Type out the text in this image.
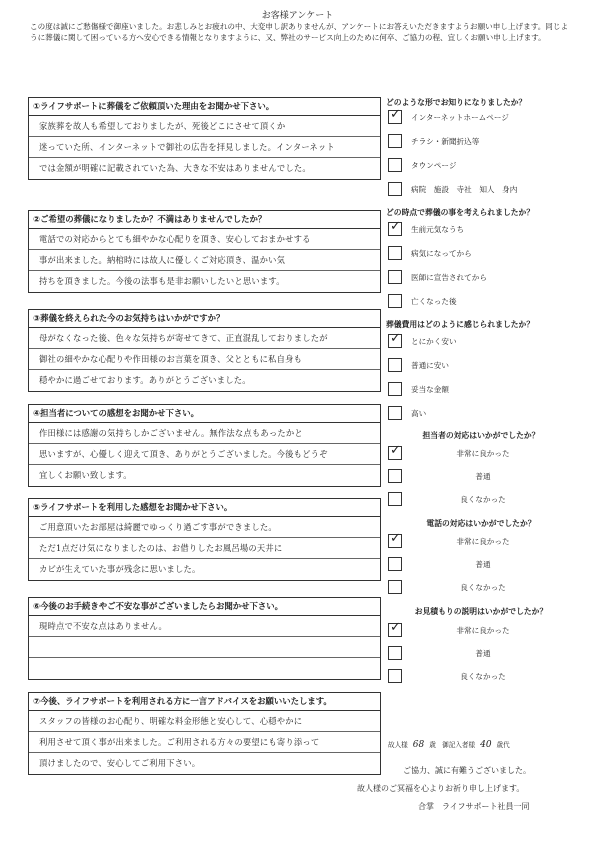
お客様アンケート
この度は誠にご愁傷様で御座いました。お悲しみとお疲れの中、大変申し訳ありませんが、アンケートにお答えいただきますようお願い申し上げます。同じように葬儀に関して困っている方へ安心できる情報となりますように、又、弊社のサービス向上のために何卒、ご協力の程、宜しくお願い申し上げます。
①ライフサポートに葬儀をご依頼頂いた理由をお聞かせ下さい。
家族葬を故人も希望しておりましたが、死後どこにさせて頂くか
迷っていた所、インターネットで御社の広告を拝見しました。インターネット
では金額が明確に記載されていた為、大きな不安はありませんでした。
②ご希望の葬儀になりましたか？不満はありませんでしたか？
電話での対応からとても細やかな心配りを頂き、安心しておまかせする
事が出来ました。納棺時には故人に優しくご対応頂き、温かい気
持ちを頂きました。今後の法事も是非お願いしたいと思います。
③葬儀を終えられた今のお気持ちはいかがですか？
母がなくなった後、色々な気持ちが寄せてきて、正直混乱しておりましたが
御社の細やかな心配りや作田様のお言葉を頂き、父とともに私自身も
穏やかに過ごせております。ありがとうございました。
④担当者についての感想をお聞かせ下さい。
作田様には感謝の気持ちしかございません。無作法な点もあったかと
思いますが、心優しく迎えて頂き、ありがとうございました。今後もどうぞ
宜しくお願い致します。
⑤ライフサポートを利用した感想をお聞かせ下さい。
ご用意頂いたお部屋は綺麗でゆっくり過ごす事ができました。
ただ1点だけ気になりましたのは、お借りしたお風呂場の天井に
カビが生えていた事が残念に思いました。
⑥今後のお手続きやご不安な事がございましたらお聞かせ下さい。
現時点で不安な点はありません。
⑦今後、ライフサポートを利用される方に一言アドバイスをお願いいたします。
スタッフの皆様のお心配り、明確な料金形態と安心して、心穏やかに
利用させて頂く事が出来ました。ご利用される方々の要望にも寄り添って
頂けましたので、安心してご利用下さい。
どのような形でお知りになりましたか？
✓ インターネットホームページ
チラシ・新聞折込等
タウンページ
病院　施設　寺社　知人　身内
どの時点で葬儀の事を考えられましたか？
✓ 生前元気なうち
病気になってから
医師に宣告されてから
亡くなった後
葬儀費用はどのように感じられましたか？
✓ とにかく安い
普通に安い
妥当な金額
高い
担当者の対応はいかがでしたか？
✓	非常に良かった
普通
良くなかった
電話の対応はいかがでしたか？
✓	非常に良かった
普通
良くなかった
お見積もりの説明はいかがでしたか？
✓	非常に良かった
普通
良くなかった
故人様 68 歳 御記入者様 40 歳代
ご協力、誠に有難うございました。
故人様のご冥福を心よりお祈り申し上げます。
合掌　ライフサポート社員一同
